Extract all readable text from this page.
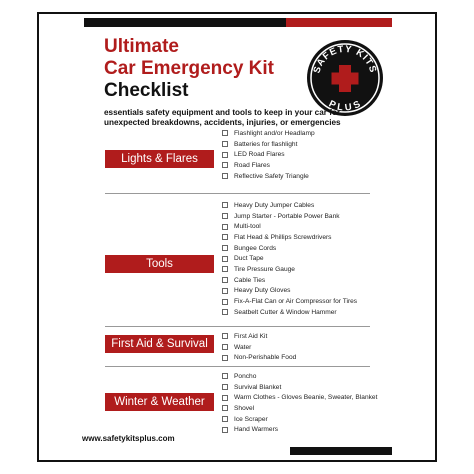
Ultimate
Car Emergency Kit
Checklist
SAFETY KITS
PLUS
essentials safety equipment and tools to keep in your car for unexpected breakdowns, accidents, injuries, or emergencies
Lights & Flares
Flashlight and/or Headlamp
Batteries for flashlight
LED Road Flares
Road Flares
Reflective Safety Triangle
Tools
Heavy Duty Jumper Cables
Jump Starter - Portable Power Bank
Multi-tool
Flat Head & Phillips Screwdrivers
Bungee Cords
Duct Tape
Tire Pressure Gauge
Cable Ties
Heavy Duty Gloves
Fix-A-Flat Can or Air Compressor for Tires
Seatbelt Cutter & Window Hammer
First Aid & Survival
First Aid Kit
Water
Non-Perishable Food
Winter & Weather
Poncho
Survival Blanket
Warm Clothes - Gloves Beanie, Sweater, Blanket
Shovel
Ice Scraper
Hand Warmers
www.safetykitsplus.com
